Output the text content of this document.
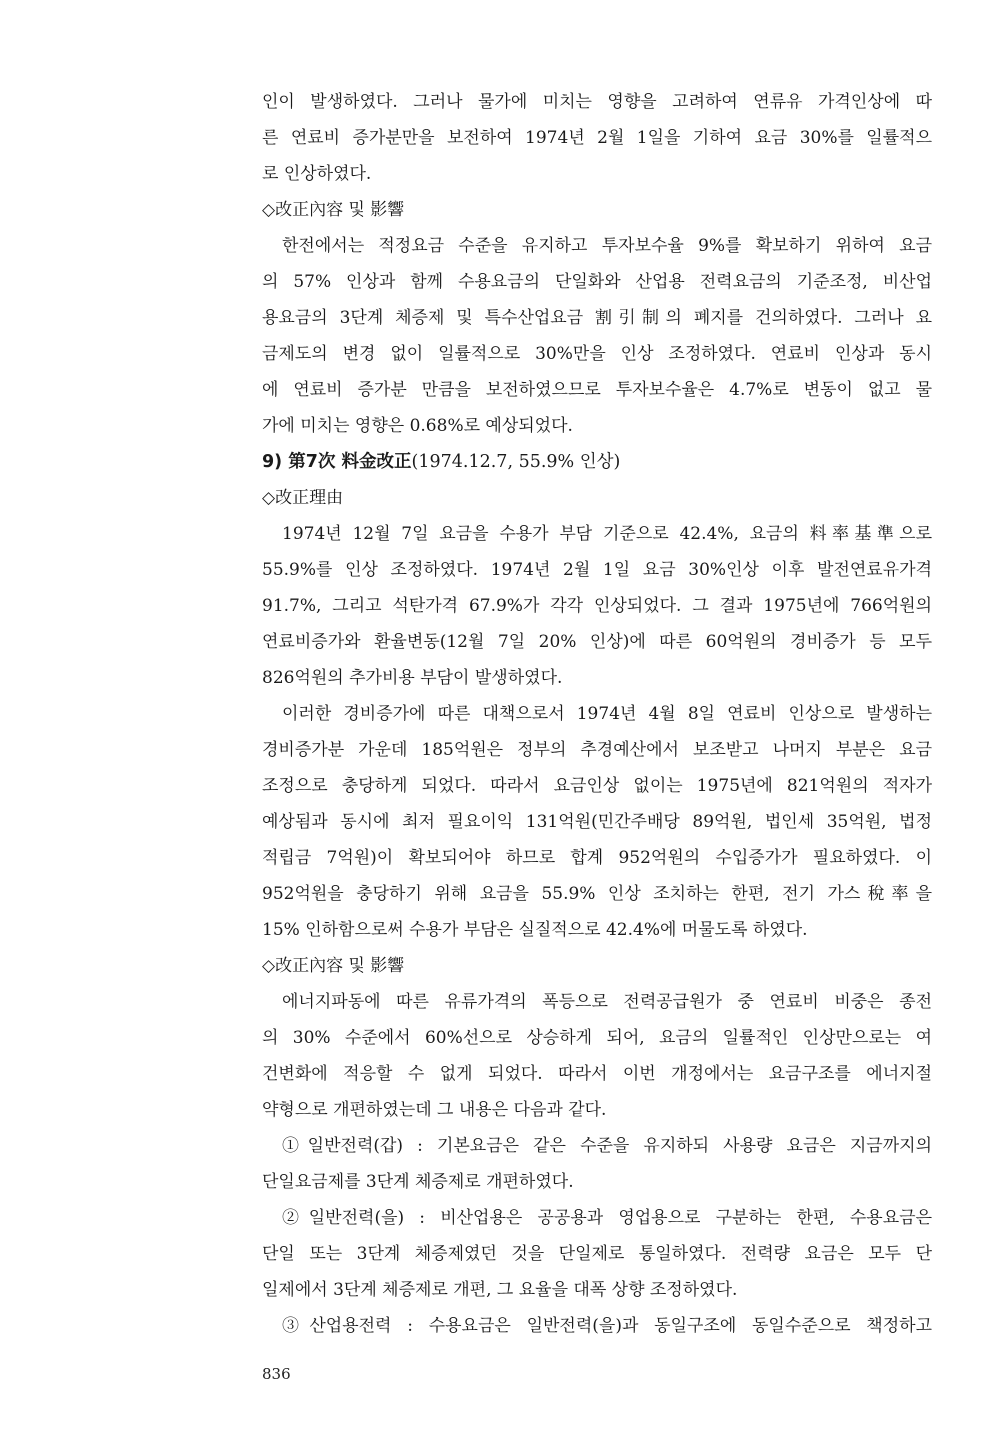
인이 발생하였다. 그러나 물가에 미치는 영향을 고려하여 연류유 가격인상에 따
른 연료비 증가분만을 보전하여 1974년 2월 1일을 기하여 요금 30%를 일률적으
로 인상하였다.
◇改正內容 및 影響
한전에서는 적정요금 수준을 유지하고 투자보수율 9%를 확보하기 위하여 요금
의 57% 인상과 함께 수용요금의 단일화와 산업용 전력요금의 기준조정, 비산업
용요금의 3단계 체증제 및 특수산업요금 割引制의 폐지를 건의하였다. 그러나 요
금제도의 변경 없이 일률적으로 30%만을 인상 조정하였다. 연료비 인상과 동시
에 연료비 증가분 만큼을 보전하였으므로 투자보수율은 4.7%로 변동이 없고 물
가에 미치는 영향은 0.68%로 예상되었다.
9) 第7次 料金改正(1974.12.7, 55.9% 인상)
◇改正理由
1974년 12월 7일 요금을 수용가 부담 기준으로 42.4%, 요금의 料率基準으로
55.9%를 인상 조정하였다. 1974년 2월 1일 요금 30%인상 이후 발전연료유가격
91.7%, 그리고 석탄가격 67.9%가 각각 인상되었다. 그 결과 1975년에 766억원의
연료비증가와 환율변동(12월 7일 20% 인상)에 따른 60억원의 경비증가 등 모두
826억원의 추가비용 부담이 발생하였다.
이러한 경비증가에 따른 대책으로서 1974년 4월 8일 연료비 인상으로 발생하는
경비증가분 가운데 185억원은 정부의 추경예산에서 보조받고 나머지 부분은 요금
조정으로 충당하게 되었다. 따라서 요금인상 없이는 1975년에 821억원의 적자가
예상됨과 동시에 최저 필요이익 131억원(민간주배당 89억원, 법인세 35억원, 법정
적립금 7억원)이 확보되어야 하므로 합계 952억원의 수입증가가 필요하였다. 이
952억원을 충당하기 위해 요금을 55.9% 인상 조치하는 한편, 전기 가스稅率을
15% 인하함으로써 수용가 부담은 실질적으로 42.4%에 머물도록 하였다.
◇改正內容 및 影響
에너지파동에 따른 유류가격의 폭등으로 전력공급원가 중 연료비 비중은 종전
의 30% 수준에서 60%선으로 상승하게 되어, 요금의 일률적인 인상만으로는 여
건변화에 적응할 수 없게 되었다. 따라서 이번 개정에서는 요금구조를 에너지절
약형으로 개편하였는데 그 내용은 다음과 같다.
①일반전력(갑) : 기본요금은 같은 수준을 유지하되 사용량 요금은 지금까지의
단일요금제를 3단계 체증제로 개편하였다.
②일반전력(을) : 비산업용은 공공용과 영업용으로 구분하는 한편, 수용요금은
단일 또는 3단계 체증제였던 것을 단일제로 통일하였다. 전력량 요금은 모두 단
일제에서 3단계 체증제로 개편, 그 요율을 대폭 상향 조정하였다.
③산업용전력 : 수용요금은 일반전력(을)과 동일구조에 동일수준으로 책정하고
836
